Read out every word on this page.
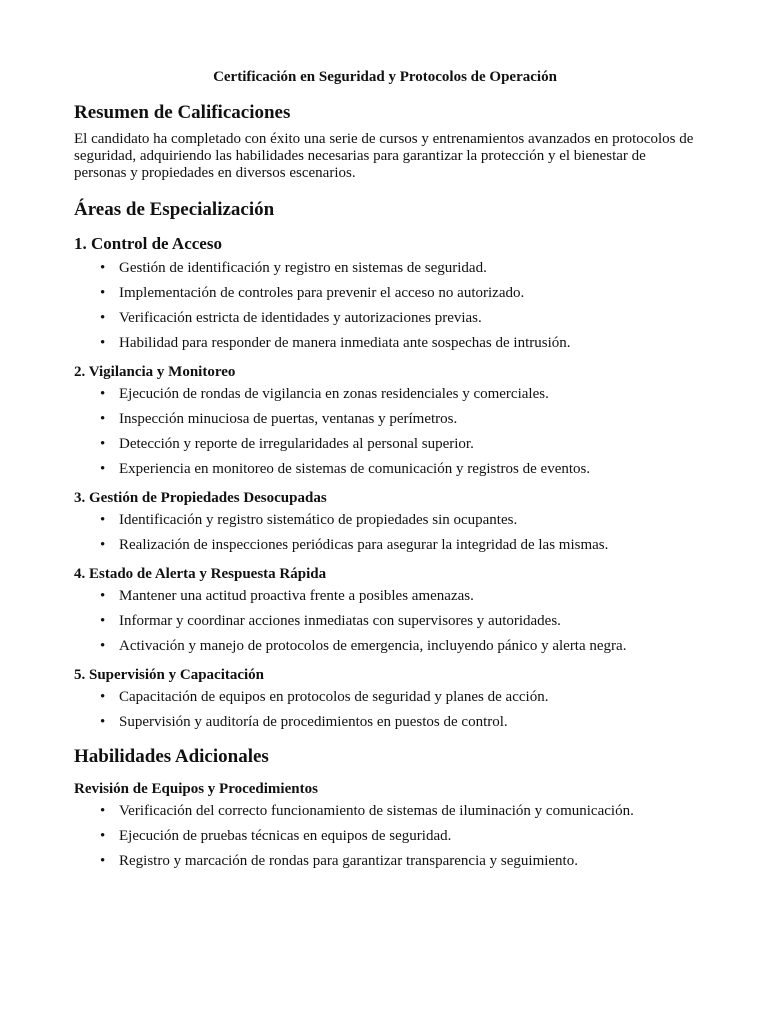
Certificación en Seguridad y Protocolos de Operación
Resumen de Calificaciones

El candidato ha completado con éxito una serie de cursos y entrenamientos avanzados en protocolos de seguridad, adquiriendo las habilidades necesarias para garantizar la protección y el bienestar de personas y propiedades en diversos escenarios.

Áreas de Especialización
1. Control de Acceso
• Gestión de identificación y registro en sistemas de seguridad.
• Implementación de controles para prevenir el acceso no autorizado.
• Verificación estricta de identidades y autorizaciones previas.
• Habilidad para responder de manera inmediata ante sospechas de intrusión.
2. Vigilancia y Monitoreo
• Ejecución de rondas de vigilancia en zonas residenciales y comerciales.
• Inspección minuciosa de puertas, ventanas y perímetros.
• Detección y reporte de irregularidades al personal superior.
• Experiencia en monitoreo de sistemas de comunicación y registros de eventos.
3. Gestión de Propiedades Desocupadas
• Identificación y registro sistemático de propiedades sin ocupantes.
• Realización de inspecciones periódicas para asegurar la integridad de las mismas.
4. Estado de Alerta y Respuesta Rápida
• Mantener una actitud proactiva frente a posibles amenazas.
• Informar y coordinar acciones inmediatas con supervisores y autoridades.
• Activación y manejo de protocolos de emergencia, incluyendo pánico y alerta negra.
5. Supervisión y Capacitación
• Capacitación de equipos en protocolos de seguridad y planes de acción.
• Supervisión y auditoría de procedimientos en puestos de control.
Habilidades Adicionales
Revisión de Equipos y Procedimientos
• Verificación del correcto funcionamiento de sistemas de iluminación y comunicación.
• Ejecución de pruebas técnicas en equipos de seguridad.
• Registro y marcación de rondas para garantizar transparencia y seguimiento.
